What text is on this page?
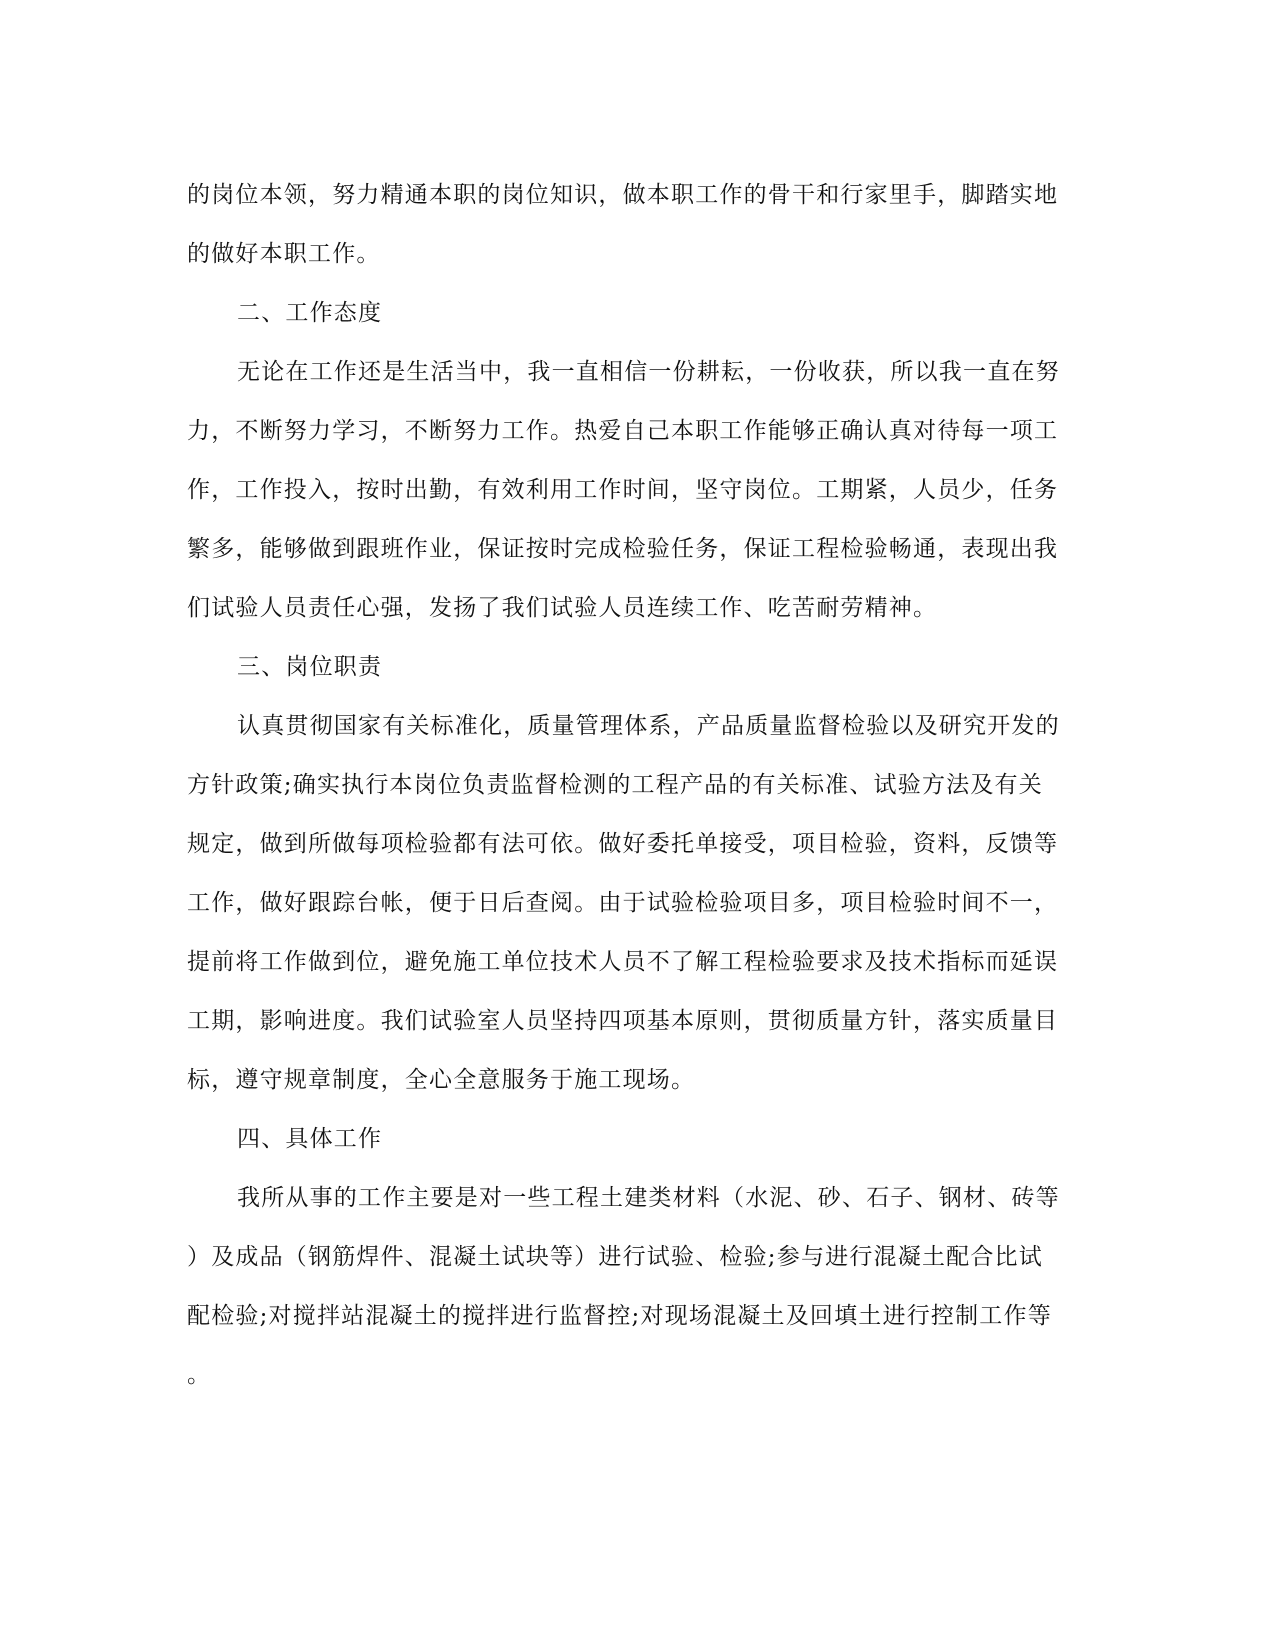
的岗位本领，努力精通本职的岗位知识，做本职工作的骨干和行家里手，脚踏实地
的做好本职工作。
二、工作态度
无论在工作还是生活当中，我一直相信一份耕耘，一份收获，所以我一直在努
力，不断努力学习，不断努力工作。热爱自己本职工作能够正确认真对待每一项工
作，工作投入，按时出勤，有效利用工作时间，坚守岗位。工期紧，人员少，任务
繁多，能够做到跟班作业，保证按时完成检验任务，保证工程检验畅通，表现出我
们试验人员责任心强，发扬了我们试验人员连续工作、吃苦耐劳精神。
三、岗位职责
认真贯彻国家有关标准化，质量管理体系，产品质量监督检验以及研究开发的
方针政策;确实执行本岗位负责监督检测的工程产品的有关标准、试验方法及有关
规定，做到所做每项检验都有法可依。做好委托单接受，项目检验，资料，反馈等
工作，做好跟踪台帐，便于日后查阅。由于试验检验项目多，项目检验时间不一，
提前将工作做到位，避免施工单位技术人员不了解工程检验要求及技术指标而延误
工期，影响进度。我们试验室人员坚持四项基本原则，贯彻质量方针，落实质量目
标，遵守规章制度，全心全意服务于施工现场。
四、具体工作
我所从事的工作主要是对一些工程土建类材料（水泥、砂、石子、钢材、砖等
）及成品（钢筋焊件、混凝土试块等）进行试验、检验;参与进行混凝土配合比试
配检验;对搅拌站混凝土的搅拌进行监督控;对现场混凝土及回填土进行控制工作等
。
